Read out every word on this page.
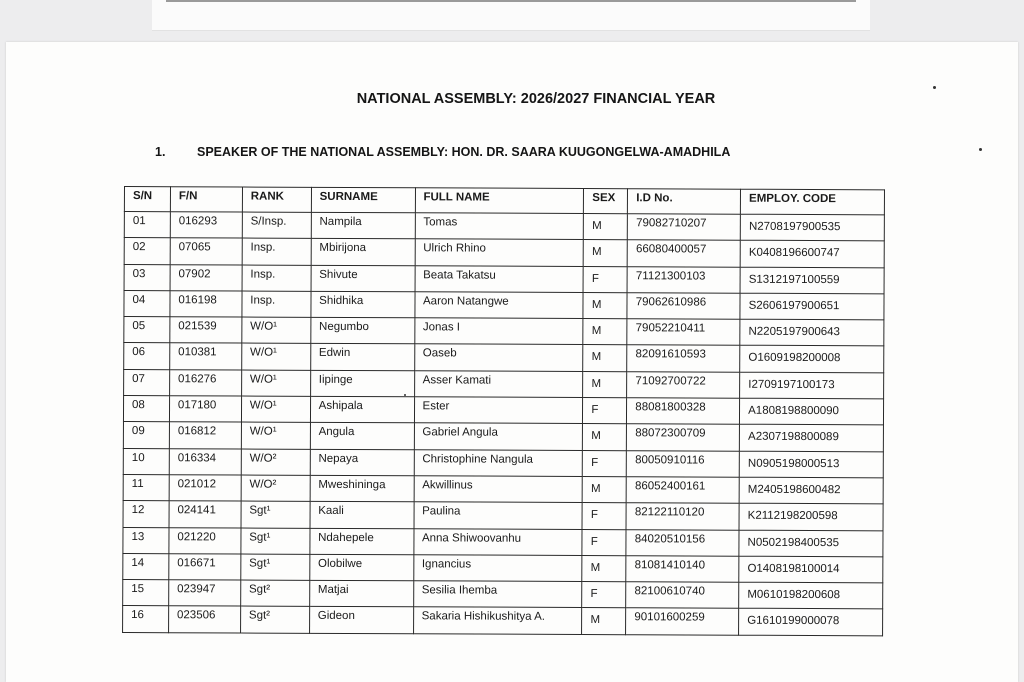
NATIONAL ASSEMBLY: 2026/2027 FINANCIAL YEAR
1.	SPEAKER OF THE NATIONAL ASSEMBLY: HON. DR. SAARA KUUGONGELWA-AMADHILA
S/N	F/N	RANK	SURNAME	FULL NAME	SEX	I.D No.	EMPLOY. CODE
01	016293	S/Insp.	Nampila	Tomas	M	79082710207	N2708197900535
02	07065	Insp.	Mbirijona	Ulrich Rhino	M	66080400057	K0408196600747
03	07902	Insp.	Shivute	Beata Takatsu	F	71121300103	S1312197100559
04	016198	Insp.	Shidhika	Aaron Natangwe	M	79062610986	S2606197900651
05	021539	W/O¹	Negumbo	Jonas I	M	79052210411	N2205197900643
06	010381	W/O¹	Edwin	Oaseb	M	82091610593	O1609198200008
07	016276	W/O¹	Iipinge	Asser Kamati	M	71092700722	I2709197100173
08	017180	W/O¹	Ashipala	Ester	F	88081800328	A1808198800090
09	016812	W/O¹	Angula	Gabriel Angula	M	88072300709	A2307198800089
10	016334	W/O²	Nepaya	Christophine Nangula	F	80050910116	N0905198000513
11	021012	W/O²	Mweshininga	Akwillinus	M	86052400161	M2405198600482
12	024141	Sgt¹	Kaali	Paulina	F	82122110120	K2112198200598
13	021220	Sgt¹	Ndahepele	Anna Shiwoovanhu	F	84020510156	N0502198400535
14	016671	Sgt¹	Olobilwe	Ignancius	M	81081410140	O1408198100014
15	023947	Sgt²	Matjai	Sesilia Ihemba	F	82100610740	M0610198200608
16	023506	Sgt²	Gideon	Sakaria Hishikushitya A.	M	90101600259	G1610199000078
